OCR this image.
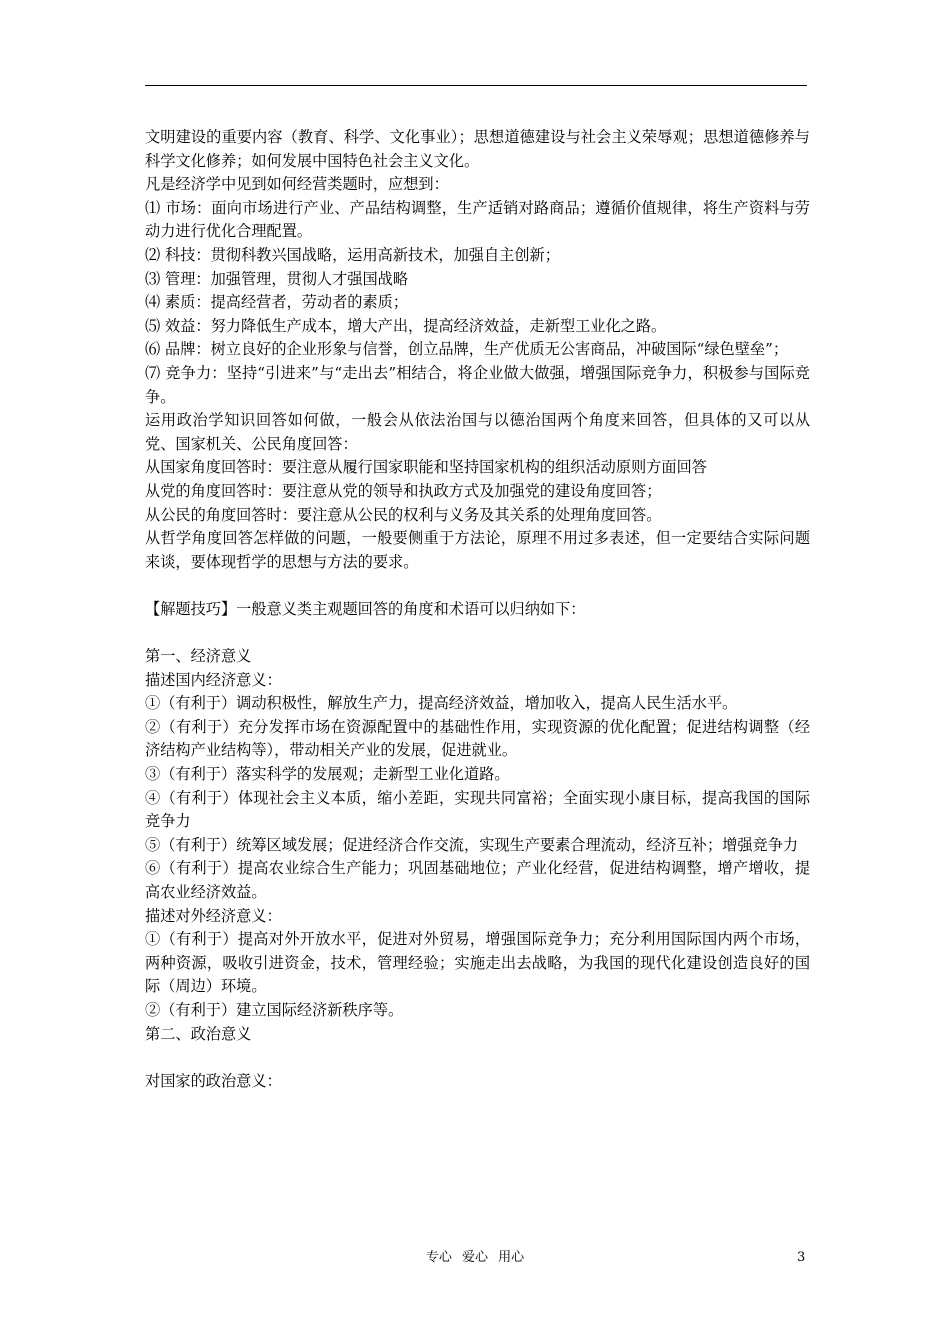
文明建设的重要内容（教育、科学、文化事业）；思想道德建设与社会主义荣辱观；思想道德修养与科学文化修养；如何发展中国特色社会主义文化。

凡是经济学中见到如何经营类题时，应想到：

⑴ 市场：面向市场进行产业、产品结构调整，生产适销对路商品；遵循价值规律，将生产资料与劳动力进行优化合理配置。

⑵ 科技：贯彻科教兴国战略，运用高新技术，加强自主创新；

⑶ 管理：加强管理，贯彻人才强国战略

⑷ 素质：提高经营者，劳动者的素质；

⑸ 效益：努力降低生产成本，增大产出，提高经济效益，走新型工业化之路。

⑹ 品牌：树立良好的企业形象与信誉，创立品牌，生产优质无公害商品，冲破国际“绿色壁垒”；

⑺ 竞争力：坚持“引进来”与“走出去”相结合，将企业做大做强，增强国际竞争力，积极参与国际竞争。

运用政治学知识回答如何做，一般会从依法治国与以德治国两个角度来回答，但具体的又可以从党、国家机关、公民角度回答：

从国家角度回答时：要注意从履行国家职能和坚持国家机构的组织活动原则方面回答

从党的角度回答时：要注意从党的领导和执政方式及加强党的建设角度回答；

从公民的角度回答时：要注意从公民的权利与义务及其关系的处理角度回答。

从哲学角度回答怎样做的问题，一般要侧重于方法论，原理不用过多表述，但一定要结合实际问题来谈，要体现哲学的思想与方法的要求。

【解题技巧】一般意义类主观题回答的角度和术语可以归纳如下：

第一、经济意义

描述国内经济意义：

①（有利于）调动积极性，解放生产力，提高经济效益，增加收入，提高人民生活水平。

②（有利于）充分发挥市场在资源配置中的基础性作用，实现资源的优化配置；促进结构调整（经济结构产业结构等），带动相关产业的发展，促进就业。

③（有利于）落实科学的发展观；走新型工业化道路。

④（有利于）体现社会主义本质，缩小差距，实现共同富裕；全面实现小康目标，提高我国的国际竞争力

⑤（有利于）统筹区域发展；促进经济合作交流，实现生产要素合理流动，经济互补；增强竞争力

⑥（有利于）提高农业综合生产能力；巩固基础地位；产业化经营，促进结构调整，增产增收，提高农业经济效益。

描述对外经济意义：

①（有利于）提高对外开放水平，促进对外贸易，增强国际竞争力；充分利用国际国内两个市场，两种资源，吸收引进资金，技术，管理经验；实施走出去战略，为我国的现代化建设创造良好的国际（周边）环境。

②（有利于）建立国际经济新秩序等。

第二、政治意义

对国家的政治意义：

专心 爱心 用心	3
